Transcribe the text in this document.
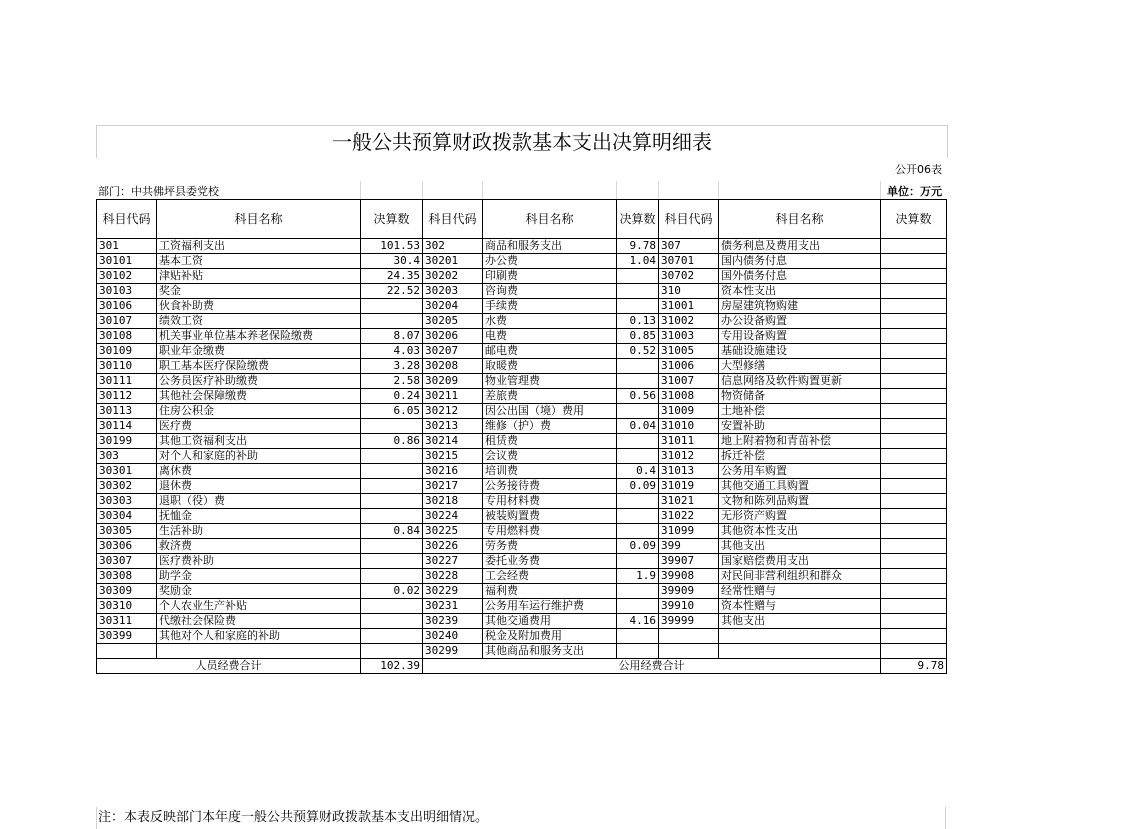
一般公共预算财政拨款基本支出决算明细表
公开06表
部门：中共佛坪县委党校	单位：万元
科目代码	科目名称	决算数	科目代码	科目名称	决算数	科目代码	科目名称	决算数
301	工资福利支出	101.53	302	商品和服务支出	9.78	307	债务利息及费用支出	
30101	基本工资	30.4	30201	办公费	1.04	30701	国内债务付息	
30102	津贴补贴	24.35	30202	印刷费		30702	国外债务付息	
30103	奖金	22.52	30203	咨询费		310	资本性支出	
30106	伙食补助费		30204	手续费		31001	房屋建筑物购建	
30107	绩效工资		30205	水费	0.13	31002	办公设备购置	
30108	机关事业单位基本养老保险缴费	8.07	30206	电费	0.85	31003	专用设备购置	
30109	职业年金缴费	4.03	30207	邮电费	0.52	31005	基础设施建设	
30110	职工基本医疗保险缴费	3.28	30208	取暖费		31006	大型修缮	
30111	公务员医疗补助缴费	2.58	30209	物业管理费		31007	信息网络及软件购置更新	
30112	其他社会保障缴费	0.24	30211	差旅费	0.56	31008	物资储备	
30113	住房公积金	6.05	30212	因公出国（境）费用		31009	土地补偿	
30114	医疗费		30213	维修（护）费	0.04	31010	安置补助	
30199	其他工资福利支出	0.86	30214	租赁费		31011	地上附着物和青苗补偿	
303	对个人和家庭的补助		30215	会议费		31012	拆迁补偿	
30301	离休费		30216	培训费	0.4	31013	公务用车购置	
30302	退休费		30217	公务接待费	0.09	31019	其他交通工具购置	
30303	退职（役）费		30218	专用材料费		31021	文物和陈列品购置	
30304	抚恤金		30224	被装购置费		31022	无形资产购置	
30305	生活补助	0.84	30225	专用燃料费		31099	其他资本性支出	
30306	救济费		30226	劳务费	0.09	399	其他支出	
30307	医疗费补助		30227	委托业务费		39907	国家赔偿费用支出	
30308	助学金		30228	工会经费	1.9	39908	对民间非营利组织和群众	
30309	奖励金	0.02	30229	福利费		39909	经常性赠与	
30310	个人农业生产补贴		30231	公务用车运行维护费		39910	资本性赠与	
30311	代缴社会保险费		30239	其他交通费用	4.16	39999	其他支出	
30399	其他对个人和家庭的补助		30240	税金及附加费用				
			30299	其他商品和服务支出				
人员经费合计		102.39	公用经费合计					9.78
注：本表反映部门本年度一般公共预算财政拨款基本支出明细情况。
